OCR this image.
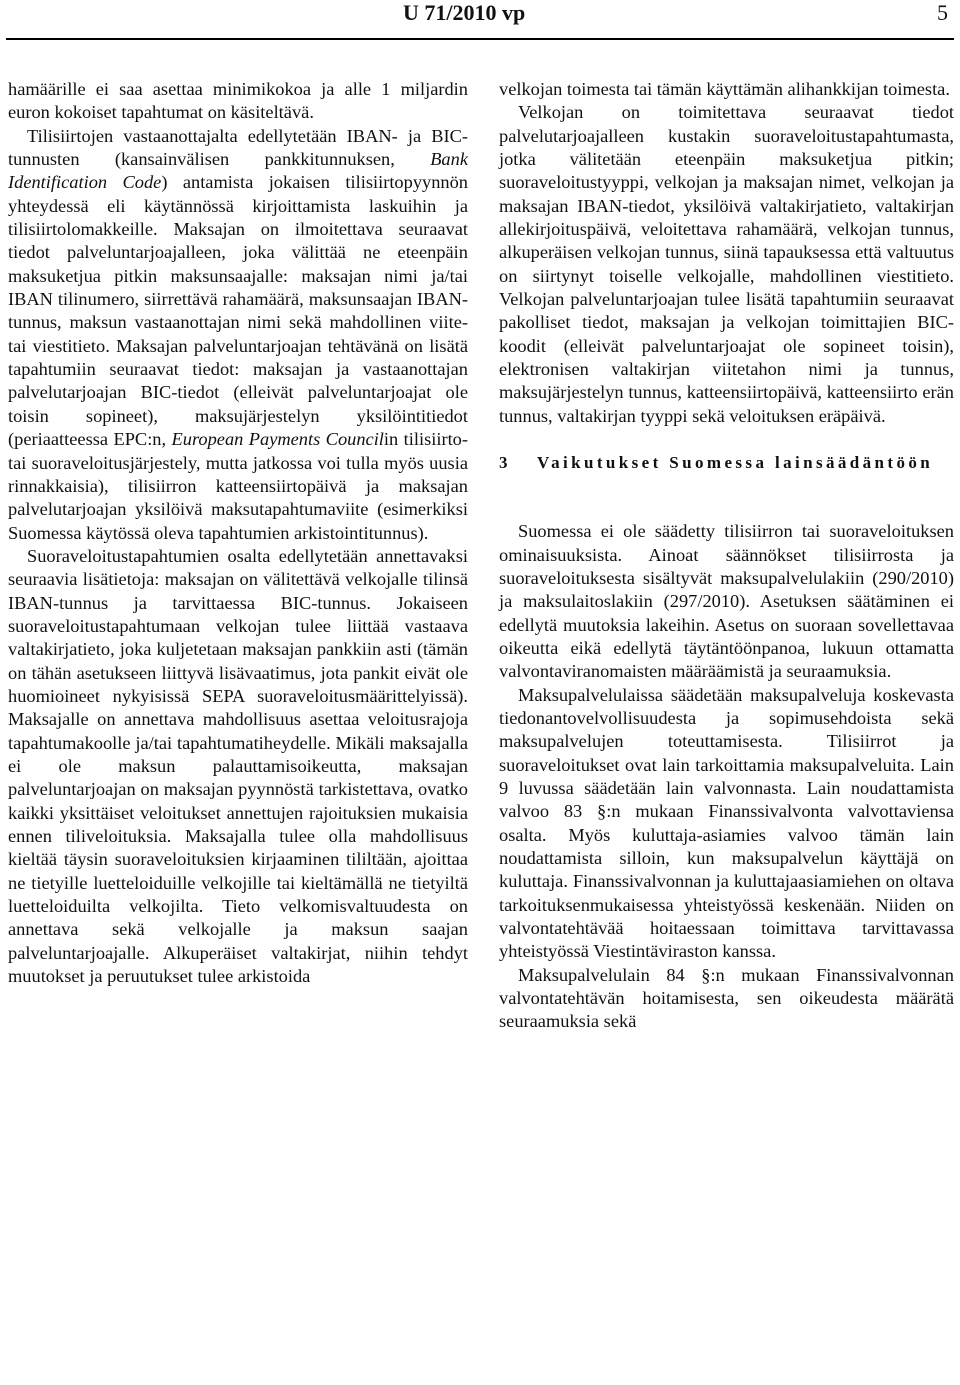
U 71/2010 vp	5

hamäärille ei saa asettaa minimikokoa ja alle 1 miljardin euron kokoiset tapahtumat on käsiteltävä.

Tilisiirtojen vastaanottajalta edellytetään IBAN- ja BIC-tunnusten (kansainvälisen pankkitunnuksen, Bank Identification Code) antamista jokaisen tilisiirtopyynnön yhteydessä eli käytännössä kirjoittamista laskuihin ja tilisiirtolomakkeille. Maksajan on ilmoitettava seuraavat tiedot palveluntarjoajalleen, joka välittää ne eteenpäin maksuketjua pitkin maksunsaajalle: maksajan nimi ja/tai IBAN tilinumero, siirrettävä rahamäärä, maksunsaajan IBAN-tunnus, maksun vastaanottajan nimi sekä mahdollinen viite- tai viestitieto. Maksajan palveluntarjoajan tehtävänä on lisätä tapahtumiin seuraavat tiedot: maksajan ja vastaanottajan palvelutarjoajan BIC-tiedot (elleivät palveluntarjoajat ole toisin sopineet), maksujärjestelyn yksilöintitiedot (periaatteessa EPC:n, European Payments Councilin tilisiirto- tai suoraveloitusjärjestely, mutta jatkossa voi tulla myös uusia rinnakkaisia), tilisiirron katteensiirtopäivä ja maksajan palvelutarjoajan yksilöivä maksutapahtumaviite (esimerkiksi Suomessa käytössä oleva tapahtumien arkistointitunnus).

Suoraveloitustapahtumien osalta edellytetään annettavaksi seuraavia lisätietoja: maksajan on välitettävä velkojalle tilinsä IBAN-tunnus ja tarvittaessa BIC-tunnus. Jokaiseen suoraveloitustapahtumaan velkojan tulee liittää vastaava valtakirjatieto, joka kuljetetaan maksajan pankkiin asti (tämän on tähän asetukseen liittyvä lisävaatimus, jota pankit eivät ole huomioineet nykyisissä SEPA suoraveloitusmäärittelyissä). Maksajalle on annettava mahdollisuus asettaa veloitusrajoja tapahtumakoolle ja/tai tapahtumatiheydelle. Mikäli maksajalla ei ole maksun palauttamisoikeutta, maksajan palveluntarjoajan on maksajan pyynnöstä tarkistettava, ovatko kaikki yksittäiset veloitukset annettujen rajoituksien mukaisia ennen tiliveloituksia. Maksajalla tulee olla mahdollisuus kieltää täysin suoraveloituksien kirjaaminen tililtään, ajoittaa ne tietyille luetteloiduille velkojille tai kieltämällä ne tietyiltä luetteloiduilta velkojilta. Tieto velkomisvaltuudesta on annettava sekä velkojalle ja maksun saajan palveluntarjoajalle. Alkuperäiset valtakirjat, niihin tehdyt muutokset ja peruutukset tulee arkistoida

velkojan toimesta tai tämän käyttämän alihankkijan toimesta.

Velkojan on toimitettava seuraavat tiedot palvelutarjoajalleen kustakin suoraveloitustapahtumasta, jotka välitetään eteenpäin maksuketjua pitkin; suoraveloitustyyppi, velkojan ja maksajan nimet, velkojan ja maksajan IBAN-tiedot, yksilöivä valtakirjatieto, valtakirjan allekirjoituspäivä, veloitettava rahamäärä, velkojan tunnus, alkuperäisen velkojan tunnus, siinä tapauksessa että valtuutus on siirtynyt toiselle velkojalle, mahdollinen viestitieto. Velkojan palveluntarjoajan tulee lisätä tapahtumiin seuraavat pakolliset tiedot, maksajan ja velkojan toimittajien BIC-koodit (elleivät palveluntarjoajat ole sopineet toisin), elektronisen valtakirjan viitetahon nimi ja tunnus, maksujärjestelyn tunnus, katteensiirtopäivä, katteensiirto erän tunnus, valtakirjan tyyppi sekä veloituksen eräpäivä.

3	Vaikutukset Suomessa lainsäädäntöön

Suomessa ei ole säädetty tilisiirron tai suoraveloituksen ominaisuuksista. Ainoat säännökset tilisiirrosta ja suoraveloituksesta sisältyvät maksupalvelulakiin (290/2010) ja maksulaitoslakiin (297/2010). Asetuksen säätäminen ei edellytä muutoksia lakeihin. Asetus on suoraan sovellettavaa oikeutta eikä edellytä täytäntöönpanoa, lukuun ottamatta valvontaviranomaisten määräämistä ja seuraamuksia.

Maksupalvelulaissa säädetään maksupalveluja koskevasta tiedonantovelvollisuudesta ja sopimusehdoista sekä maksupalvelujen toteuttamisesta. Tilisiirrot ja suoraveloitukset ovat lain tarkoittamia maksupalveluita. Lain 9 luvussa säädetään lain valvonnasta. Lain noudattamista valvoo 83 §:n mukaan Finanssivalvonta valvottaviensa osalta. Myös kuluttaja-asiamies valvoo tämän lain noudattamista silloin, kun maksupalvelun käyttäjä on kuluttaja. Finanssivalvonnan ja kuluttajaasiamiehen on oltava tarkoituksenmukaisessa yhteistyössä keskenään. Niiden on valvontatehtävää hoitaessaan toimittava tarvittavassa yhteistyössä Viestintäviraston kanssa.

Maksupalvelulain 84 §:n mukaan Finanssivalvonnan valvontatehtävän hoitamisesta, sen oikeudesta määrätä seuraamuksia sekä
